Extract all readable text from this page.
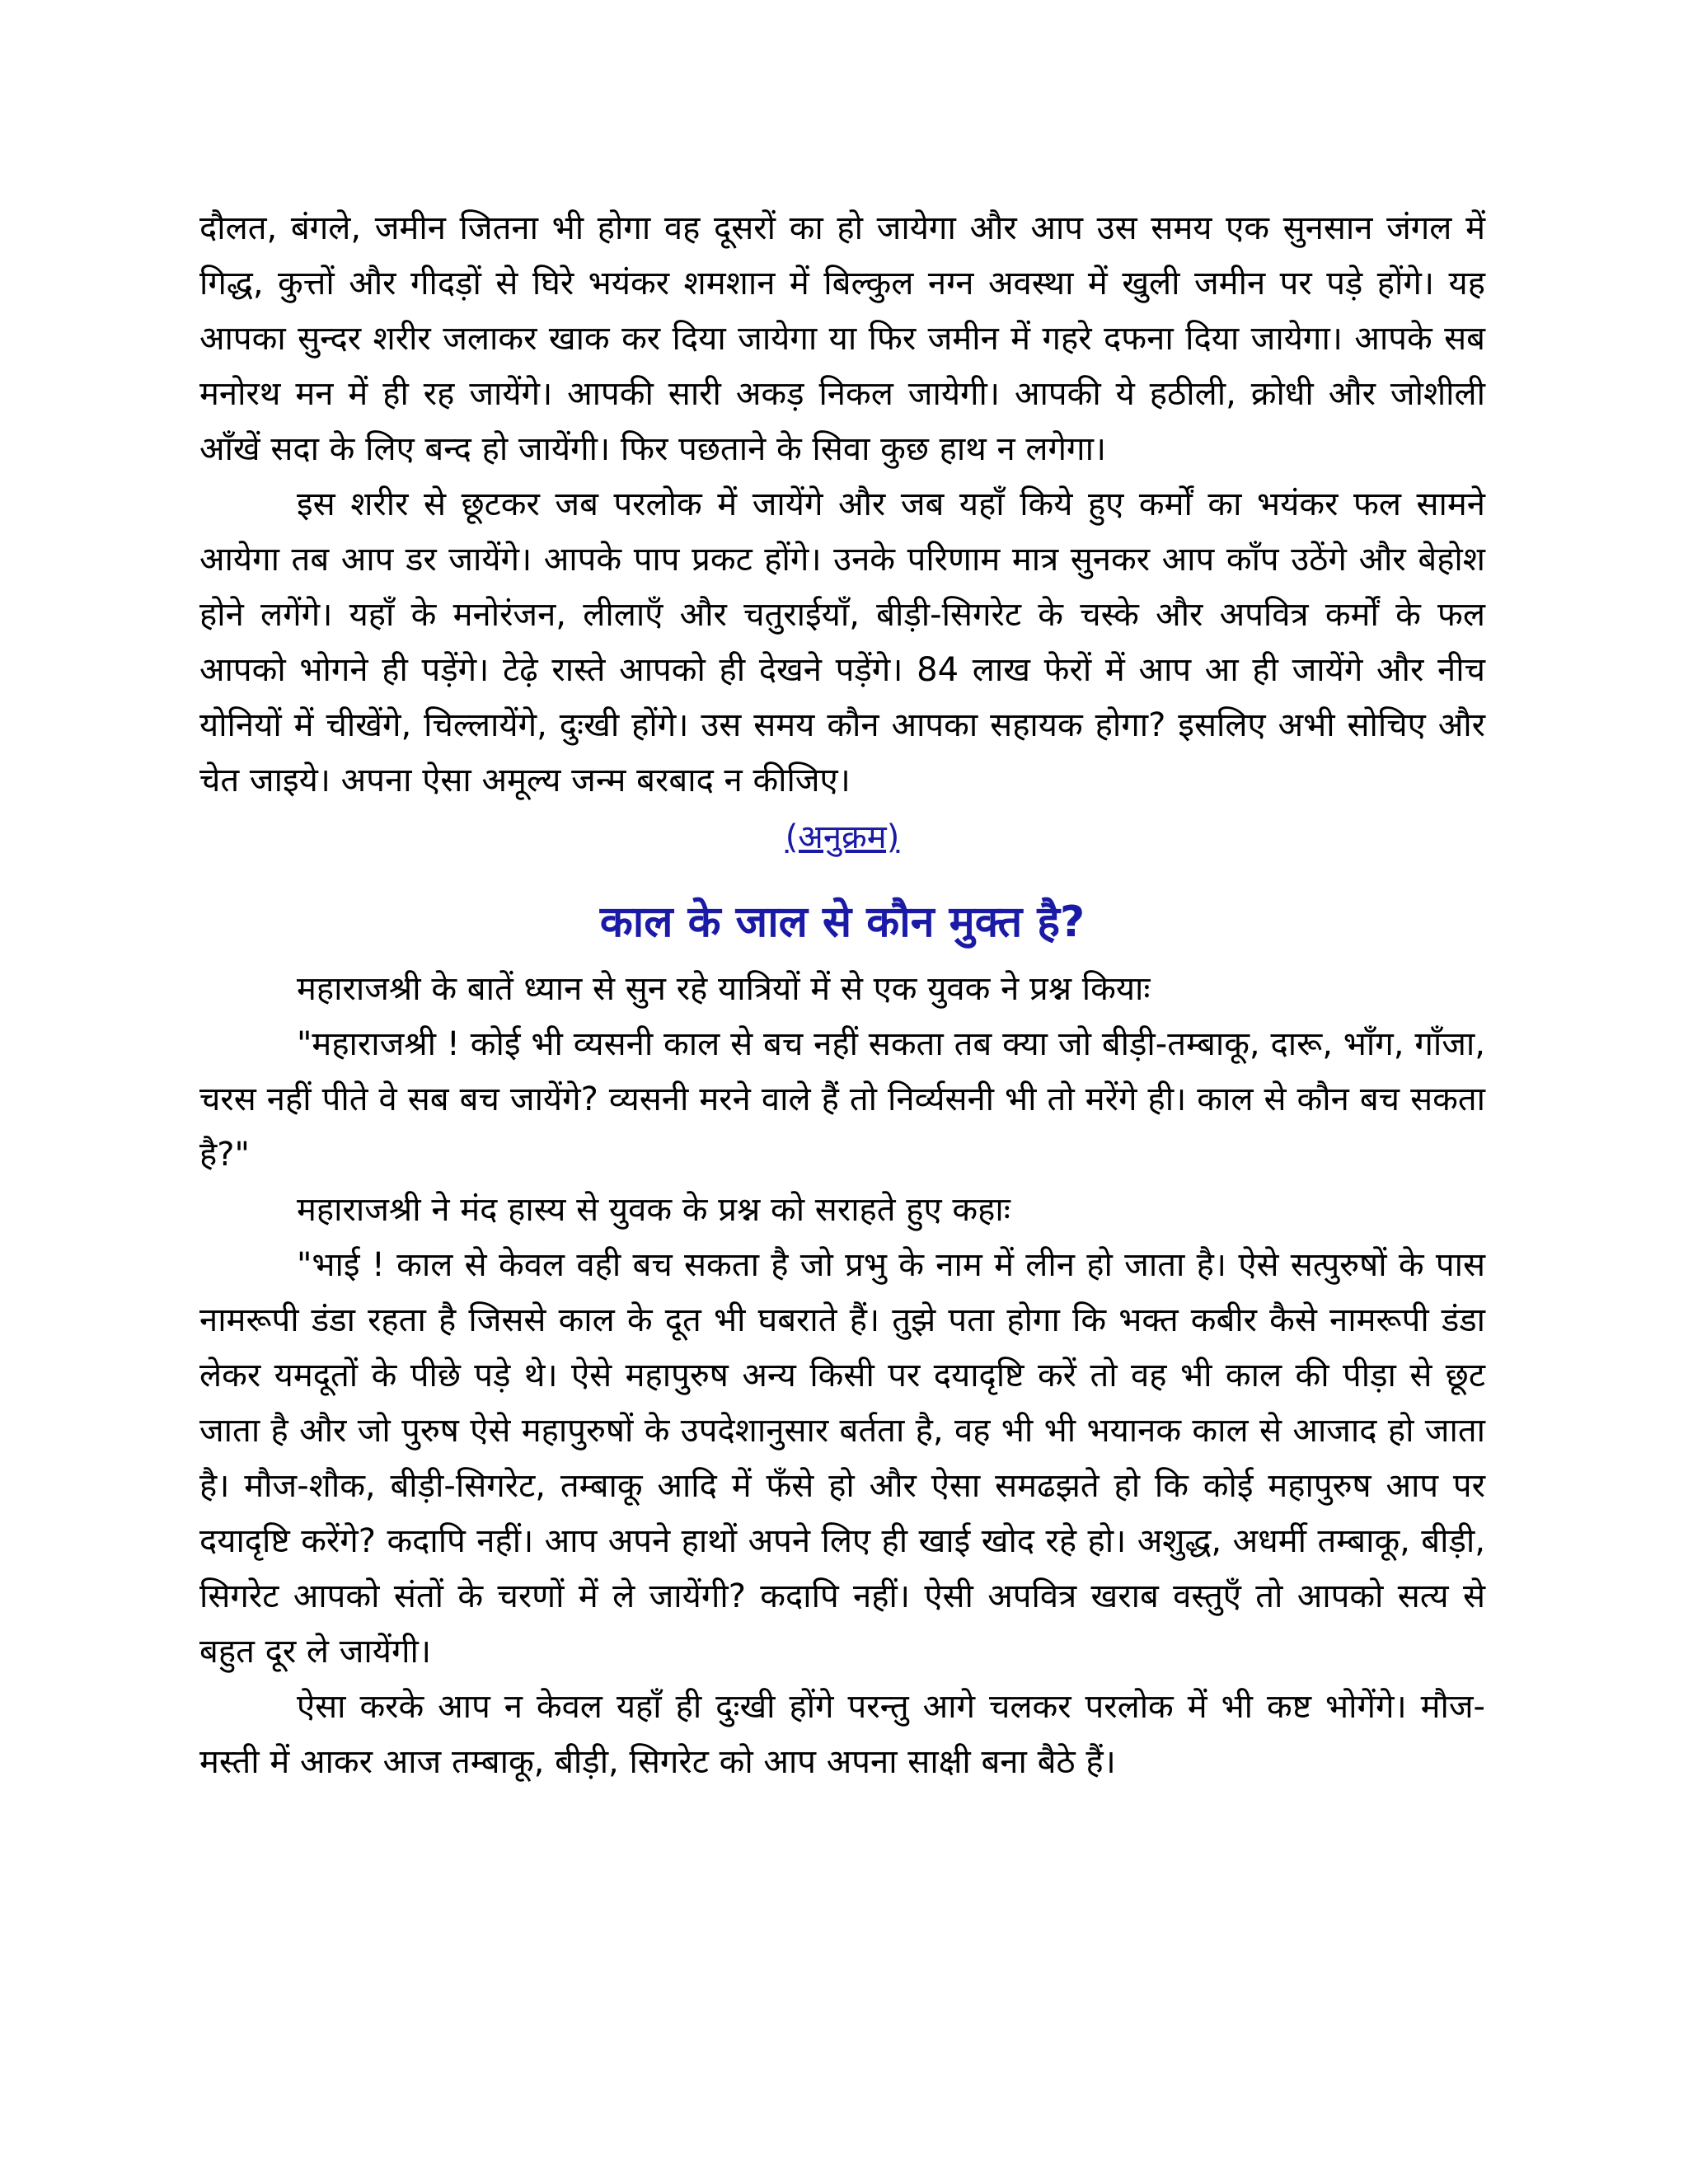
दौलत, बंगले, जमीन जितना भी होगा वह दूसरों का हो जायेगा और आप उस समय एक सुनसान जंगल में गिद्ध, कुत्तों और गीदड़ों से घिरे भयंकर शमशान में बिल्कुल नग्न अवस्था में खुली जमीन पर पड़े होंगे। यह आपका सुन्दर शरीर जलाकर खाक कर दिया जायेगा या फिर जमीन में गहरे दफना दिया जायेगा। आपके सब मनोरथ मन में ही रह जायेंगे। आपकी सारी अकड़ निकल जायेगी। आपकी ये हठीली, क्रोधी और जोशीली आँखें सदा के लिए बन्द हो जायेंगी। फिर पछताने के सिवा कुछ हाथ न लगेगा।

इस शरीर से छूटकर जब परलोक में जायेंगे और जब यहाँ किये हुए कर्मों का भयंकर फल सामने आयेगा तब आप डर जायेंगे। आपके पाप प्रकट होंगे। उनके परिणाम मात्र सुनकर आप काँप उठेंगे और बेहोश होने लगेंगे। यहाँ के मनोरंजन, लीलाएँ और चतुराईयाँ, बीड़ी-सिगरेट के चस्के और अपवित्र कर्मों के फल आपको भोगने ही पड़ेंगे। टेढ़े रास्ते आपको ही देखने पड़ेंगे। 84 लाख फेरों में आप आ ही जायेंगे और नीच योनियों में चीखेंगे, चिल्लायेंगे, दुःखी होंगे। उस समय कौन आपका सहायक होगा? इसलिए अभी सोचिए और चेत जाइये। अपना ऐसा अमूल्य जन्म बरबाद न कीजिए।

(अनुक्रम)
काल के जाल से कौन मुक्त है?

महाराजश्री के बातें ध्यान से सुन रहे यात्रियों में से एक युवक ने प्रश्न कियाः

"महाराजश्री ! कोई भी व्यसनी काल से बच नहीं सकता तब क्या जो बीड़ी-तम्बाकू, दारू, भाँग, गाँजा, चरस नहीं पीते वे सब बच जायेंगे? व्यसनी मरने वाले हैं तो निर्व्यसनी भी तो मरेंगे ही। काल से कौन बच सकता है?"

महाराजश्री ने मंद हास्य से युवक के प्रश्न को सराहते हुए कहाः

"भाई ! काल से केवल वही बच सकता है जो प्रभु के नाम में लीन हो जाता है। ऐसे सत्पुरुषों के पास नामरूपी डंडा रहता है जिससे काल के दूत भी घबराते हैं। तुझे पता होगा कि भक्त कबीर कैसे नामरूपी डंडा लेकर यमदूतों के पीछे पड़े थे। ऐसे महापुरुष अन्य किसी पर दयादृष्टि करें तो वह भी काल की पीड़ा से छूट जाता है और जो पुरुष ऐसे महापुरुषों के उपदेशानुसार बर्तता है, वह भी भी भयानक काल से आजाद हो जाता है। मौज-शौक, बीड़ी-सिगरेट, तम्बाकू आदि में फँसे हो और ऐसा समढझते हो कि कोई महापुरुष आप पर दयादृष्टि करेंगे? कदापि नहीं। आप अपने हाथों अपने लिए ही खाई खोद रहे हो। अशुद्ध, अधर्मी तम्बाकू, बीड़ी, सिगरेट आपको संतों के चरणों में ले जायेंगी? कदापि नहीं। ऐसी अपवित्र खराब वस्तुएँ तो आपको सत्य से बहुत दूर ले जायेंगी।

ऐसा करके आप न केवल यहाँ ही दुःखी होंगे परन्तु आगे चलकर परलोक में भी कष्ट भोगेंगे। मौज-मस्ती में आकर आज तम्बाकू, बीड़ी, सिगरेट को आप अपना साक्षी बना बैठे हैं।
